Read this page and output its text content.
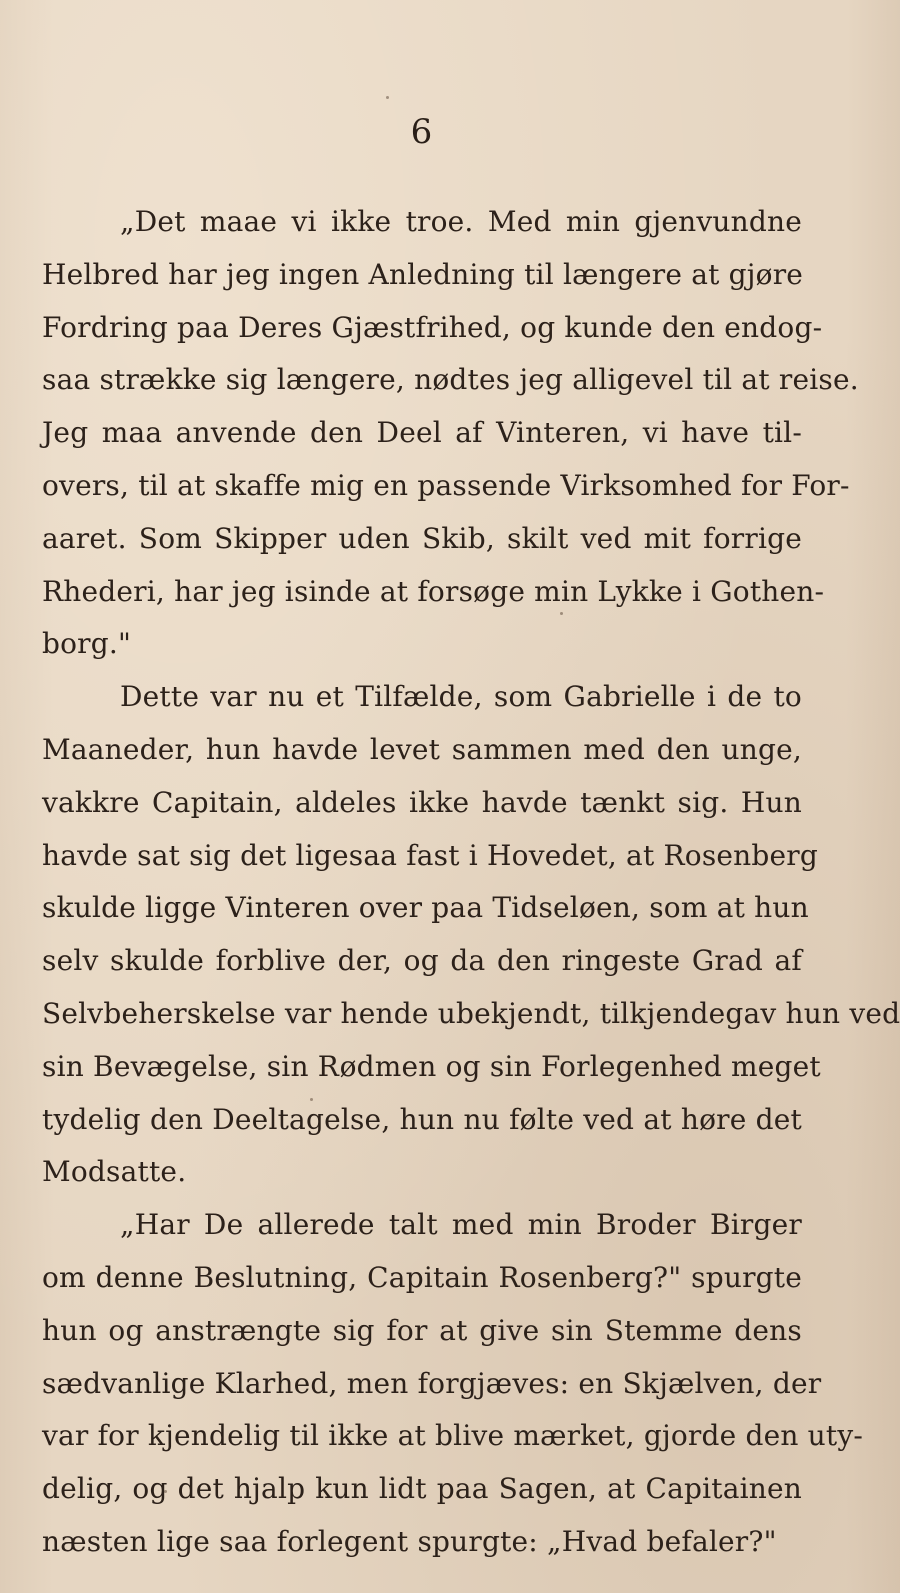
6
„Det maae vi ikke troe. Med min gjenvundne
Helbred har jeg ingen Anledning til længere at gjøre
Fordring paa Deres Gjæstfrihed, og kunde den endog-
saa strække sig længere, nødtes jeg alligevel til at reise.
Jeg maa anvende den Deel af Vinteren, vi have til-
overs, til at skaffe mig en passende Virksomhed for For-
aaret. Som Skipper uden Skib, skilt ved mit forrige
Rhederi, har jeg isinde at forsøge min Lykke i Gothen-
borg."
Dette var nu et Tilfælde, som Gabrielle i de to
Maaneder, hun havde levet sammen med den unge,
vakkre Capitain, aldeles ikke havde tænkt sig. Hun
havde sat sig det ligesaa fast i Hovedet, at Rosenberg
skulde ligge Vinteren over paa Tidseløen, som at hun
selv skulde forblive der, og da den ringeste Grad af
Selvbeherskelse var hende ubekjendt, tilkjendegav hun ved
sin Bevægelse, sin Rødmen og sin Forlegenhed meget
tydelig den Deeltagelse, hun nu følte ved at høre det
Modsatte.
„Har De allerede talt med min Broder Birger
om denne Beslutning, Capitain Rosenberg?" spurgte
hun og anstrængte sig for at give sin Stemme dens
sædvanlige Klarhed, men forgjæves: en Skjælven, der
var for kjendelig til ikke at blive mærket, gjorde den uty-
delig, og det hjalp kun lidt paa Sagen, at Capitainen
næsten lige saa forlegent spurgte: „Hvad befaler?"
